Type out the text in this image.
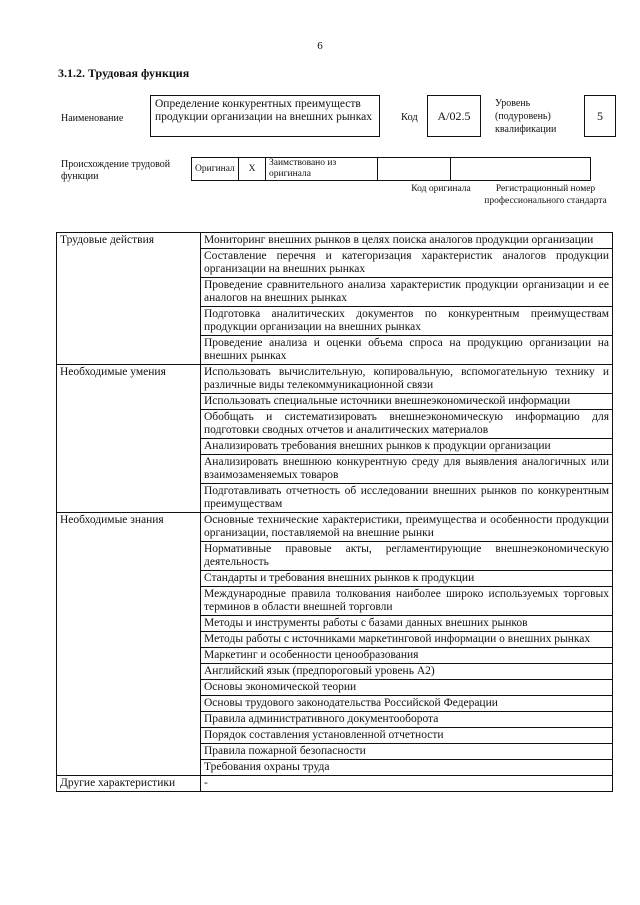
6
3.1.2. Трудовая функция
Наименование
Определение конкурентных преимуществ продукции организации на внешних рынках	Код	A/02.5
Уровень
(подуровень)
квалификации
5
Происхождение трудовой функции
Оригинал	X	Заимствовано из оригинала		
Код оригинала	Регистрационный номер профессионального стандарта
Трудовые действия	Мониторинг внешних рынков в целях поиска аналогов продукции организации
	Составление перечня и категоризация характеристик аналогов продукции организации на внешних рынках
	Проведение сравнительного анализа характеристик продукции организации и ее аналогов на внешних рынках
	Подготовка аналитических документов по конкурентным преимуществам продукции организации на внешних рынках
	Проведение анализа и оценки объема спроса на продукцию организации на внешних рынках
Необходимые умения	Использовать вычислительную, копировальную, вспомогательную технику и различные виды телекоммуникационной связи
	Использовать специальные источники внешнеэкономической информации
	Обобщать и систематизировать внешнеэкономическую информацию для подготовки сводных отчетов и аналитических материалов
	Анализировать требования внешних рынков к продукции организации
	Анализировать внешнюю конкурентную среду для выявления аналогичных или взаимозаменяемых товаров
	Подготавливать отчетность об исследовании внешних рынков по конкурентным преимуществам
Необходимые знания	Основные технические характеристики, преимущества и особенности продукции организации, поставляемой на внешние рынки
	Нормативные правовые акты, регламентирующие внешнеэкономическую деятельность
	Стандарты и требования внешних рынков к продукции
	Международные правила толкования наиболее широко используемых торговых терминов в области внешней торговли
	Методы и инструменты работы с базами данных внешних рынков
	Методы работы с источниками маркетинговой информации о внешних рынках
	Маркетинг и особенности ценообразования
	Английский язык (предпороговый уровень А2)
	Основы экономической теории
	Основы трудового законодательства Российской Федерации
	Правила административного документооборота
	Порядок составления установленной отчетности
	Правила пожарной безопасности
	Требования охраны труда
Другие характеристики	-
